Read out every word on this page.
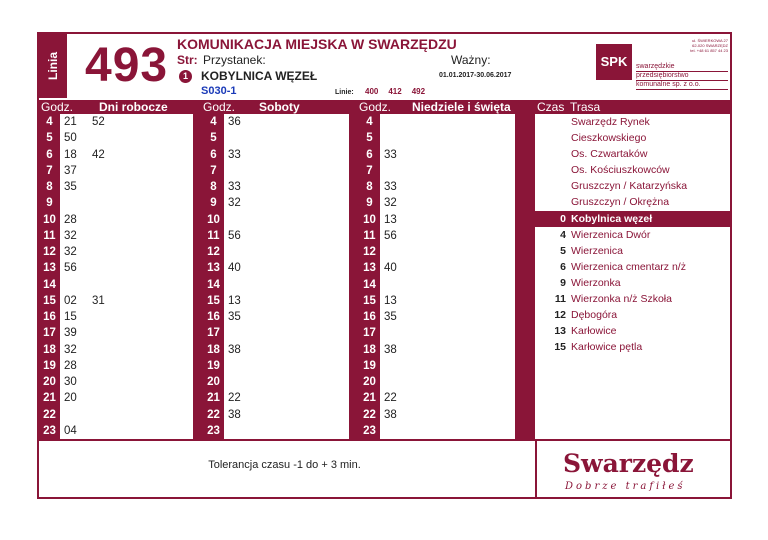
Linia 493 KOMUNIKACJA MIEJSKA W SWARZĘDZU
Str: Przystanek:
1	KOBYLNICA WĘZEŁ
S030-1
Ważny:
01.01.2017-30.06.2017
Linie: 400 412 492
SPK
ul. ŚWIERKOWA 27
62-020 SWARZĘDZ
tel. +48 61 857 44 23
swarzędzkie
przedsiębiorstwo
komunalne sp. z o.o.
Godz. Dni robocze	Godz. Soboty	Godz. Niedziele i święta Czas Trasa
4 21 52
5 50
6 18 42
7 37
8 35
9
10 28
11 32
12 32
13 56
14
15 02 31
16 15
17 39
18 32
19 28
20 30
21 20
22
23 04
4 36
5
6 33
7
8 33
9 32
10
11 56
12
13 40
14
15 13
16 35
17
18 38
19
20
21 22
22 38
23
4
5
6 33
7
8 33
9 32
10 13
11 56
12
13 40
14
15 13
16 35
17
18 38
19
20
21 22
22 38
23
Swarzędz Rynek
Cieszkowskiego
Os. Czwartaków
Os. Kościuszkowców
Gruszczyn / Katarzyńska
Gruszczyn / Okrężna
0 Kobylnica węzeł
4 Wierzenica Dwór
5 Wierzenica
6 Wierzenica cmentarz n/ż
9 Wierzonka
11 Wierzonka n/ż Szkoła
12 Dębogóra
13 Karłowice
15 Karłowice pętla
Tolerancja czasu -1 do + 3 min.	Swarzędz
Dobrze trafiłeś
